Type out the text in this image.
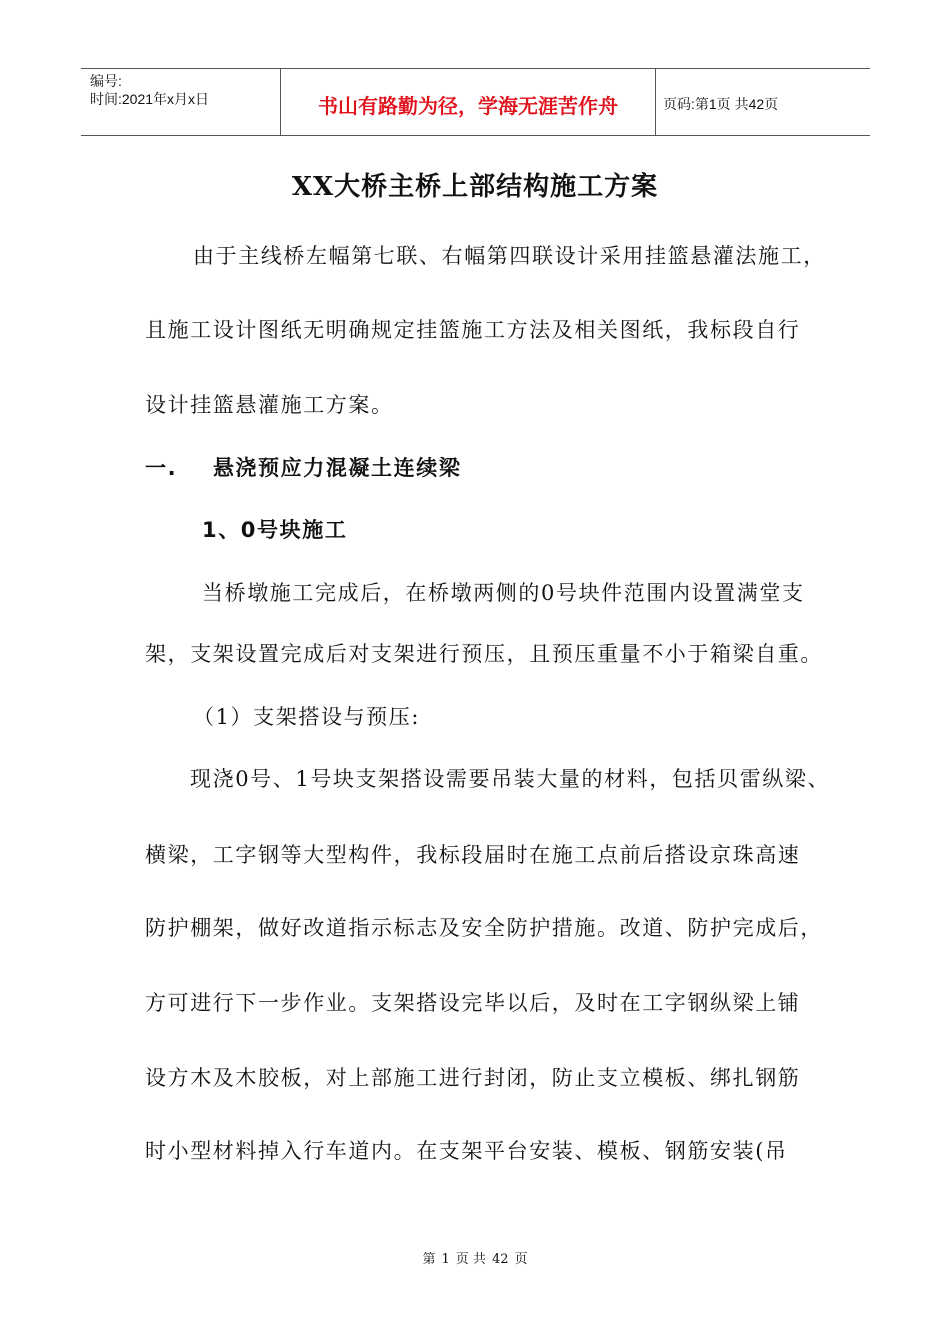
编号:
时间:2021年x月x日	书山有路勤为径，学海无涯苦作舟	页码:第1页 共42页
XX大桥主桥上部结构施工方案
由于主线桥左幅第七联、右幅第四联设计采用挂篮悬灌法施工，
且施工设计图纸无明确规定挂篮施工方法及相关图纸，我标段自行
设计挂篮悬灌施工方案。
一.    悬浇预应力混凝土连续梁
1、0号块施工
当桥墩施工完成后，在桥墩两侧的0号块件范围内设置满堂支
架，支架设置完成后对支架进行预压，且预压重量不小于箱梁自重。
（1）支架搭设与预压:
现浇0号、1号块支架搭设需要吊装大量的材料，包括贝雷纵梁、
横梁，工字钢等大型构件，我标段届时在施工点前后搭设京珠高速
防护棚架，做好改道指示标志及安全防护措施。改道、防护完成后，
方可进行下一步作业。支架搭设完毕以后，及时在工字钢纵梁上铺
设方木及木胶板，对上部施工进行封闭，防止支立模板、绑扎钢筋
时小型材料掉入行车道内。在支架平台安装、模板、钢筋安装(吊
第 1 页 共 42 页
